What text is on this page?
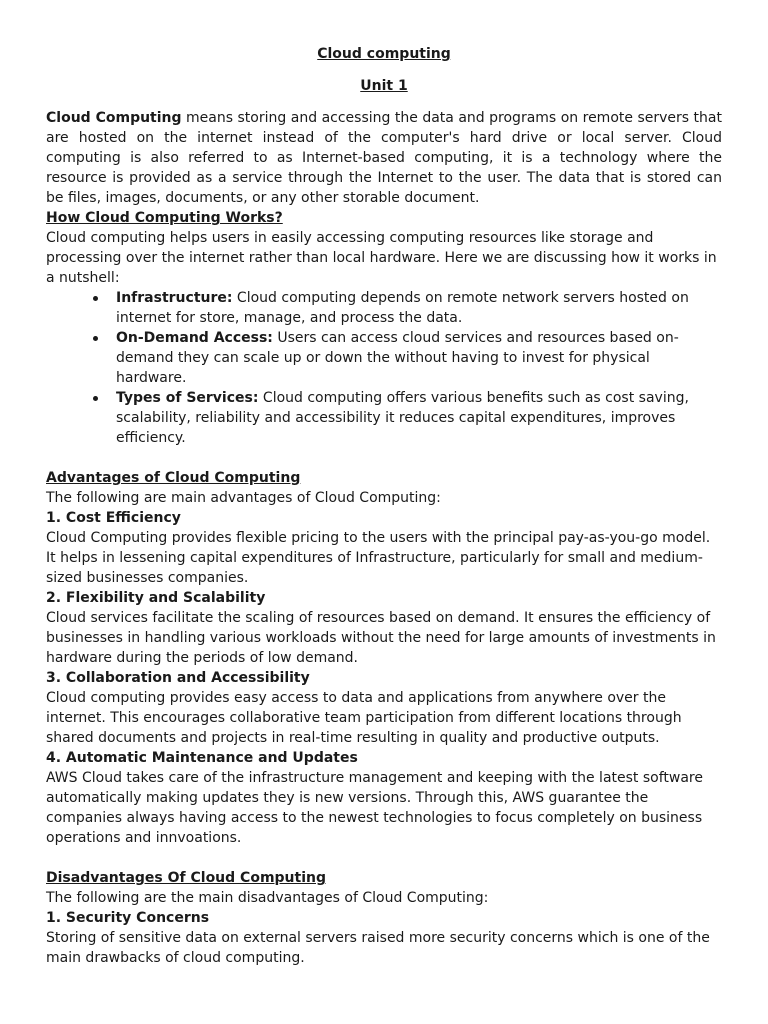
Cloud computing
Unit 1

Cloud Computing means storing and accessing the data and programs on remote servers that are hosted on the internet instead of the computer's hard drive or local server. Cloud computing is also referred to as Internet-based computing, it is a technology where the resource is provided as a service through the Internet to the user. The data that is stored can be files, images, documents, or any other storable document.

How Cloud Computing Works?

Cloud computing helps users in easily accessing computing resources like storage and processing over the internet rather than local hardware. Here we are discussing how it works in a nutshell:

Infrastructure: Cloud computing depends on remote network servers hosted on internet for store, manage, and process the data.
On-Demand Access: Users can access cloud services and resources based on-demand they can scale up or down the without having to invest for physical hardware.
Types of Services: Cloud computing offers various benefits such as cost saving, scalability, reliability and accessibility it reduces capital expenditures, improves efficiency.

Advantages of Cloud Computing

The following are main advantages of Cloud Computing:

1. Cost Efficiency

Cloud Computing provides flexible pricing to the users with the principal pay-as-you-go model. It helps in lessening capital expenditures of Infrastructure, particularly for small and medium-sized businesses companies.

2. Flexibility and Scalability

Cloud services facilitate the scaling of resources based on demand. It ensures the efficiency of businesses in handling various workloads without the need for large amounts of investments in hardware during the periods of low demand.

3. Collaboration and Accessibility

Cloud computing provides easy access to data and applications from anywhere over the internet. This encourages collaborative team participation from different locations through shared documents and projects in real-time resulting in quality and productive outputs.

4. Automatic Maintenance and Updates

AWS Cloud takes care of the infrastructure management and keeping with the latest software automatically making updates they is new versions. Through this, AWS guarantee the companies always having access to the newest technologies to focus completely on business operations and innvoations.

Disadvantages Of Cloud Computing

The following are the main disadvantages of Cloud Computing:

1. Security Concerns

Storing of sensitive data on external servers raised more security concerns which is one of the main drawbacks of cloud computing.
